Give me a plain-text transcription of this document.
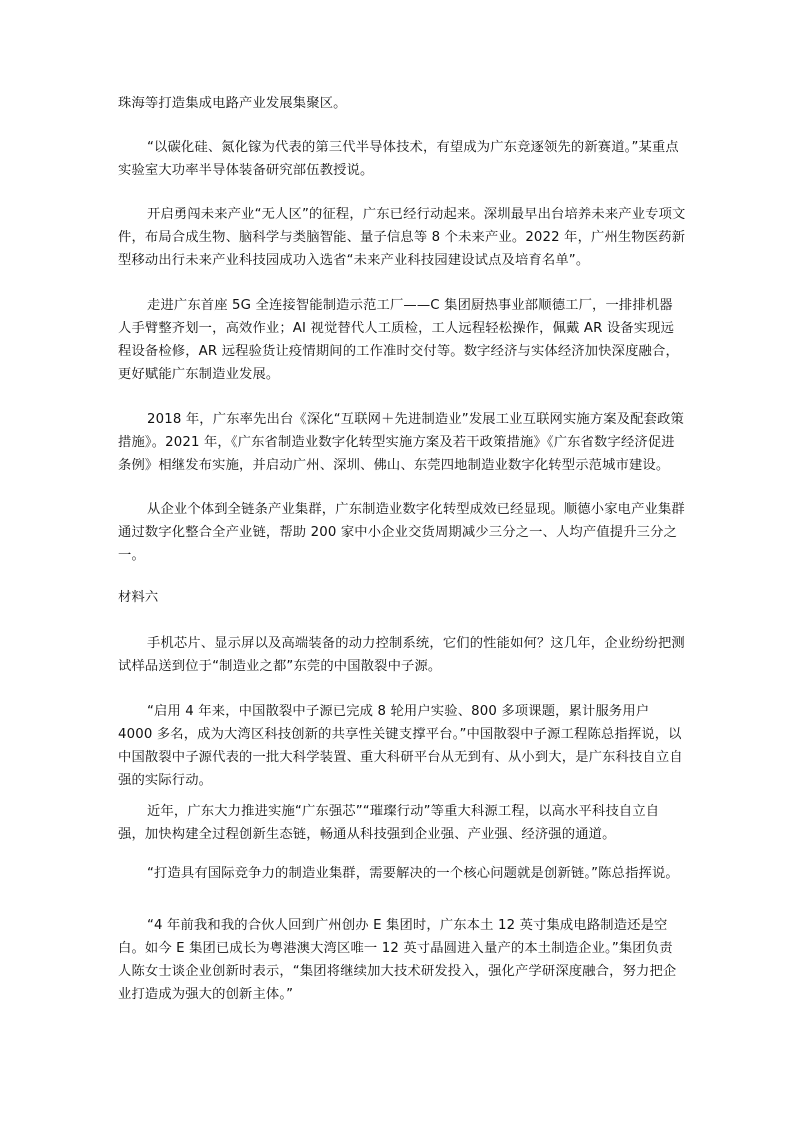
珠海等打造集成电路产业发展集聚区。

“以碳化硅、氮化镓为代表的第三代半导体技术，有望成为广东竞逐领先的新赛道。”某重点实验室大功率半导体装备研究部伍教授说。

开启勇闯未来产业“无人区”的征程，广东已经行动起来。深圳最早出台培养未来产业专项文件，布局合成生物、脑科学与类脑智能、量子信息等 8 个未来产业。2022 年，广州生物医药新型移动出行未来产业科技园成功入选省“未来产业科技园建设试点及培育名单”。

走进广东首座 5G 全连接智能制造示范工厂——C 集团厨热事业部顺德工厂，一排排机器人手臂整齐划一，高效作业；AI 视觉替代人工质检，工人远程轻松操作，佩戴 AR 设备实现远程设备检修，AR 远程验货让疫情期间的工作准时交付等。数字经济与实体经济加快深度融合，更好赋能广东制造业发展。

2018 年，广东率先出台《深化“互联网＋先进制造业”发展工业互联网实施方案及配套政策措施》。2021 年，《广东省制造业数字化转型实施方案及若干政策措施》《广东省数字经济促进条例》相继发布实施，并启动广州、深圳、佛山、东莞四地制造业数字化转型示范城市建设。

从企业个体到全链条产业集群，广东制造业数字化转型成效已经显现。顺德小家电产业集群通过数字化整合全产业链，帮助 200 家中小企业交货周期减少三分之一、人均产值提升三分之一。

材料六

手机芯片、显示屏以及高端装备的动力控制系统，它们的性能如何？这几年，企业纷纷把测试样品送到位于“制造业之都”东莞的中国散裂中子源。

“启用 4 年来，中国散裂中子源已完成 8 轮用户实验、800 多项课题，累计服务用户 4000 多名，成为大湾区科技创新的共享性关键支撑平台。”中国散裂中子源工程陈总指挥说，以中国散裂中子源代表的一批大科学装置、重大科研平台从无到有、从小到大，是广东科技自立自强的实际行动。

近年，广东大力推进实施“广东强芯”“璀璨行动”等重大科源工程，以高水平科技自立自强，加快构建全过程创新生态链，畅通从科技强到企业强、产业强、经济强的通道。

“打造具有国际竞争力的制造业集群，需要解决的一个核心问题就是创新链。”陈总指挥说。

“4 年前我和我的合伙人回到广州创办 E 集团时，广东本土 12 英寸集成电路制造还是空白。如今 E 集团已成长为粤港澳大湾区唯一 12 英寸晶圆进入量产的本土制造企业。”集团负责人陈女士谈企业创新时表示，“集团将继续加大技术研发投入，强化产学研深度融合，努力把企业打造成为强大的创新主体。”
